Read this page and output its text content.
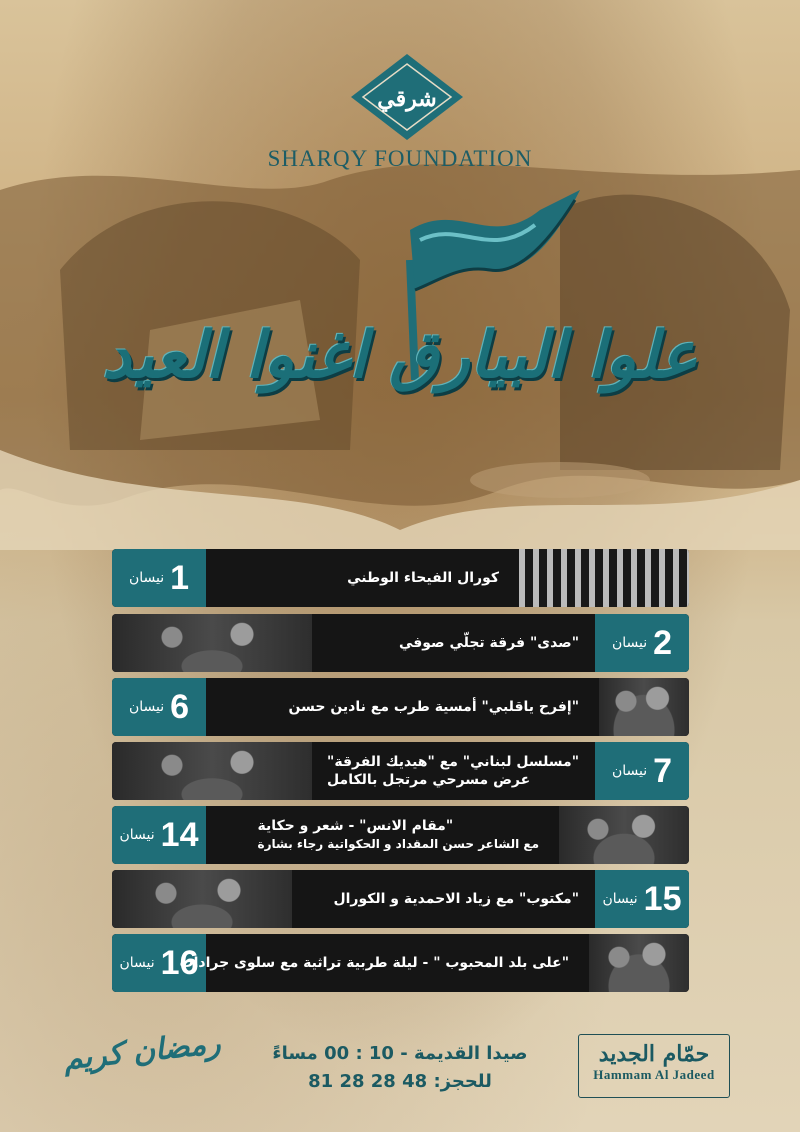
شرقي
SHARQY FOUNDATION
علوا البيارق اغنوا العيد
نيسان 1	كورال الفيحاء الوطني
نيسان 2
"صدى" فرقة تجلّي صوفي
نيسان 6	"إفرح ياقلبي" أمسية طرب مع نادين حسن
نيسان 7
"مسلسل لبناني" مع "هيديك الفرقة"
عرض مسرحي مرتجل بالكامل
نيسان 14	"مقام الانس" - شعر و حكاية
مع الشاعر حسن المقداد و الحكواتية رجاء بشارة
نيسان 15
"مكتوب" مع زياد الاحمدية و الكورال
نيسان 16
"على بلد المحبوب " - ليلة طربية تراثية مع سلوى جرادات
رمضان كريم	صيدا القديمة - 10 : 00 مساءً
للحجز: 48 28 28 81
حمّام الجديد
Hammam Al Jadeed
